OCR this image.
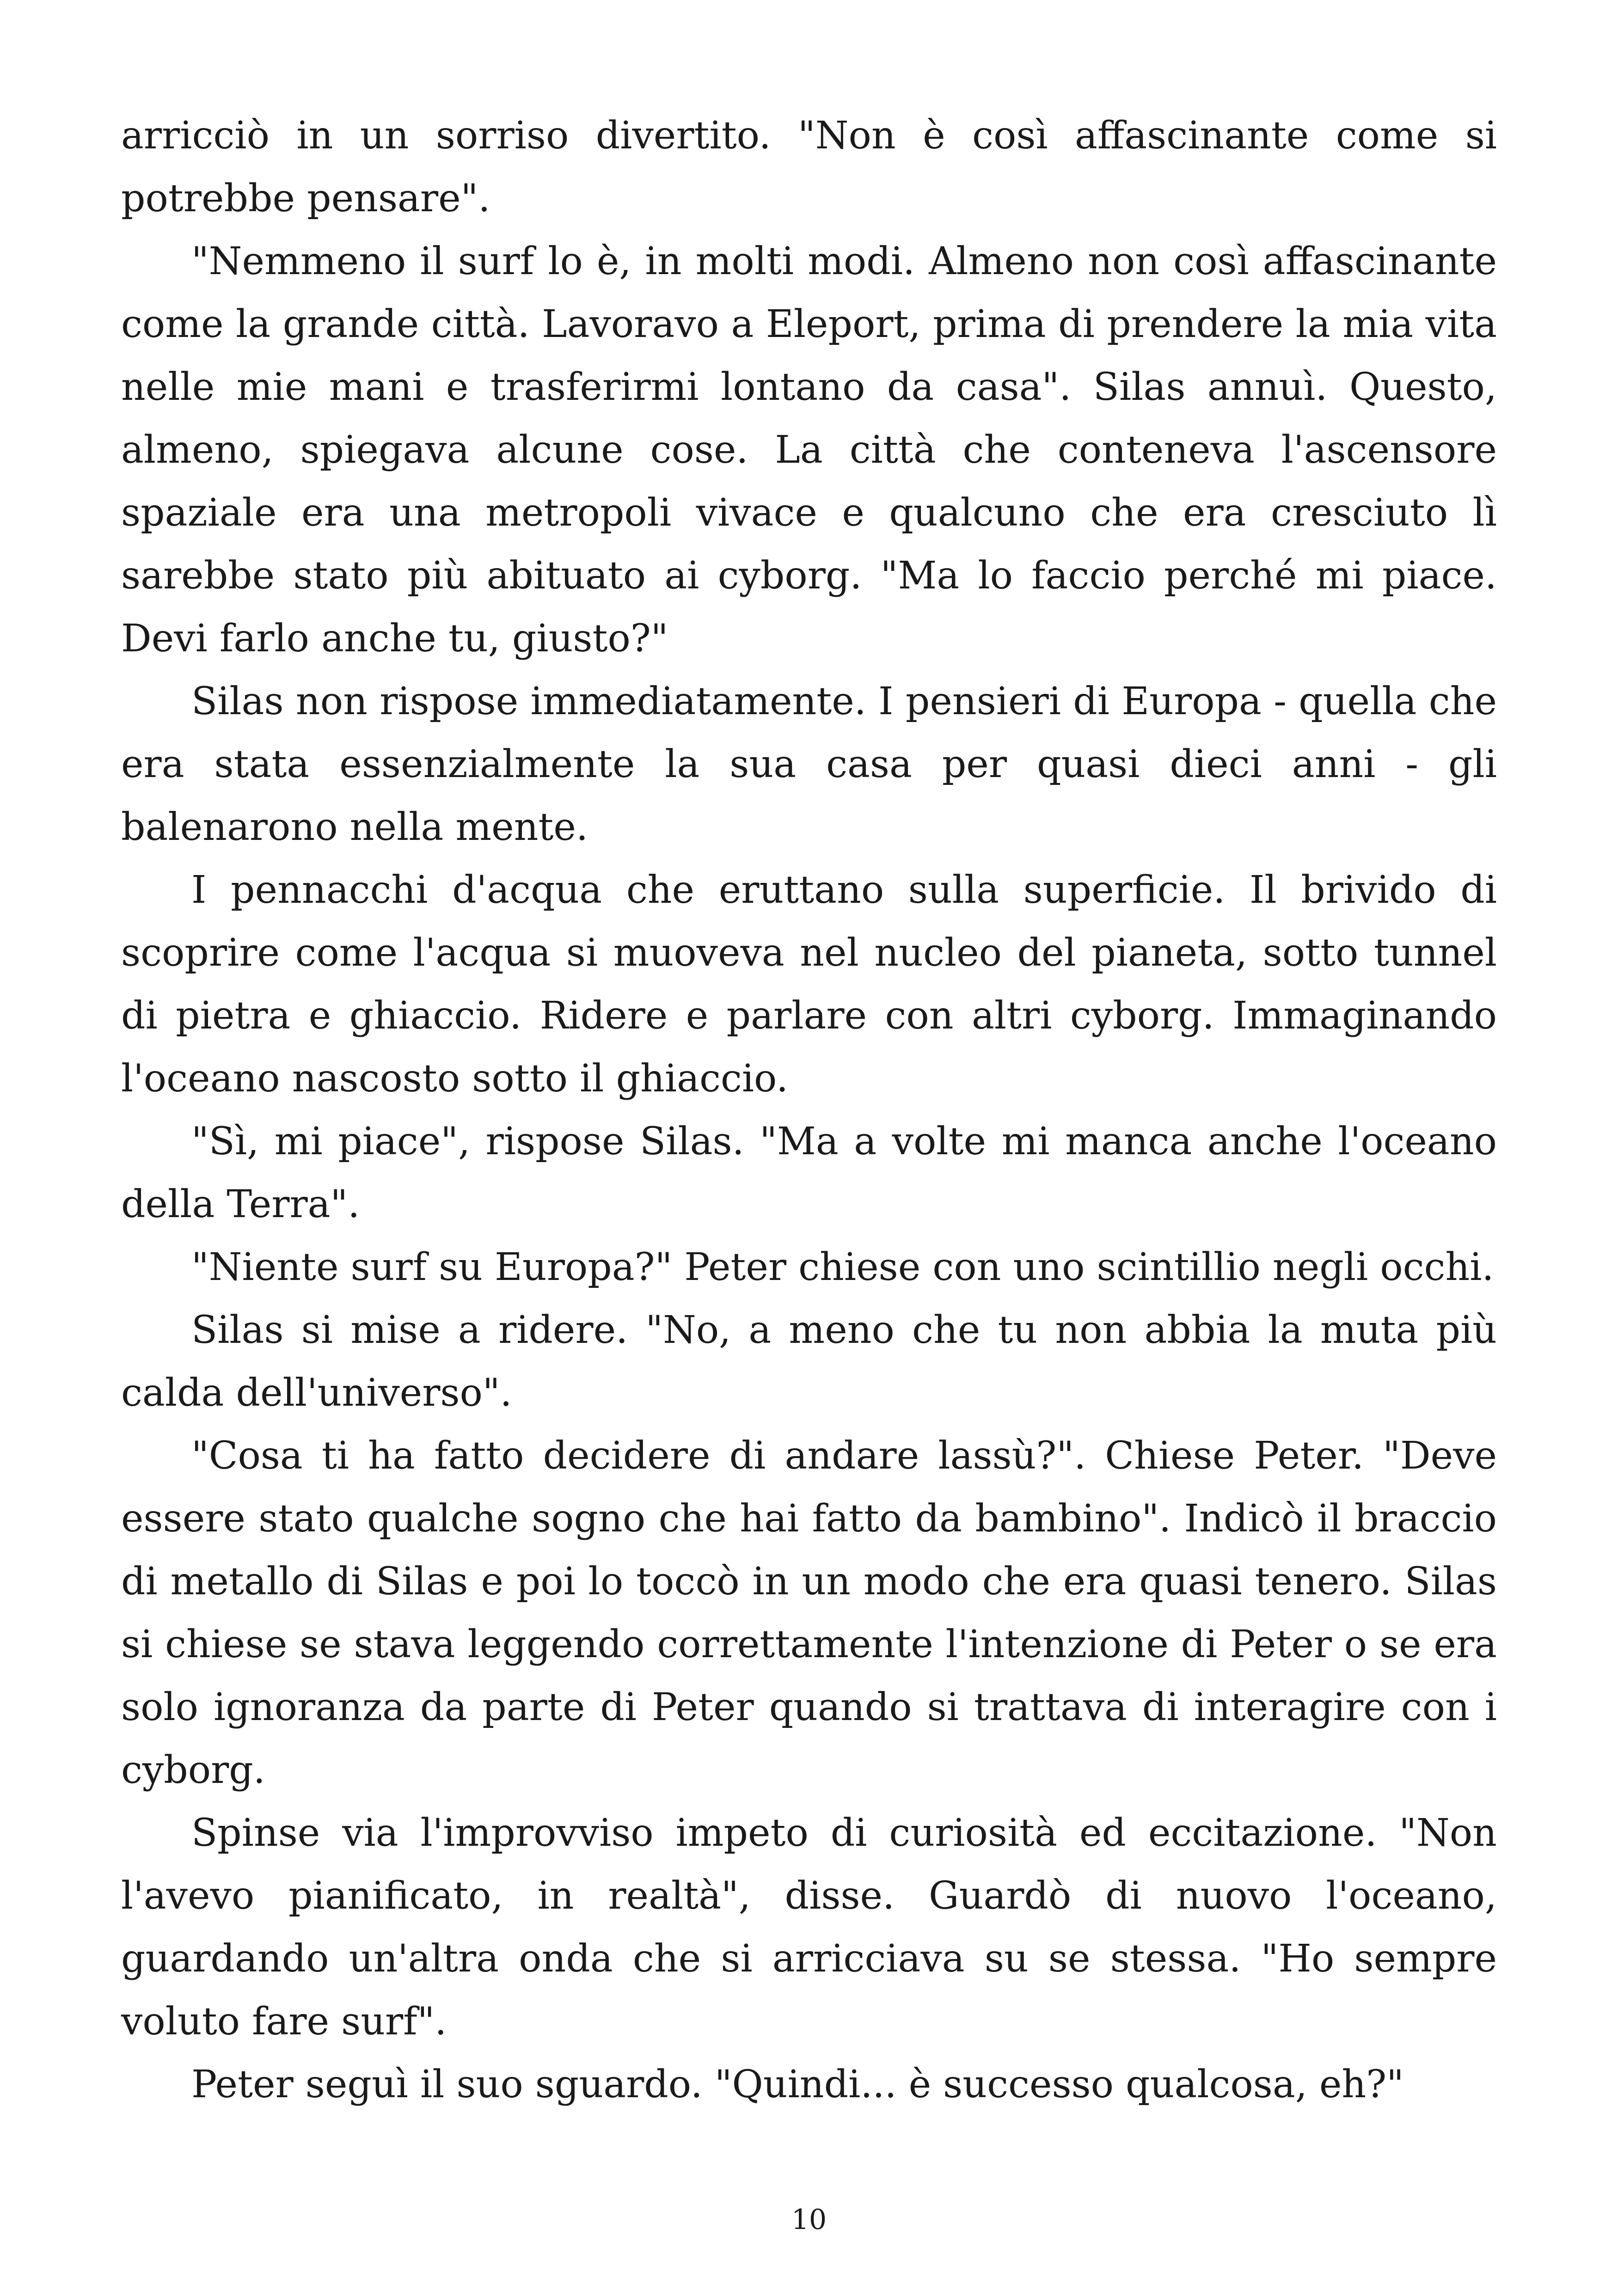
arricciò in un sorriso divertito. "Non è così affascinante come si potrebbe pensare".

"Nemmeno il surf lo è, in molti modi. Almeno non così affascinante come la grande città. Lavoravo a Eleport, prima di prendere la mia vita nelle mie mani e trasferirmi lontano da casa". Silas annuì. Questo, almeno, spiegava alcune cose. La città che conteneva l'ascensore spaziale era una metropoli vivace e qualcuno che era cresciuto lì sarebbe stato più abituato ai cyborg. "Ma lo faccio perché mi piace. Devi farlo anche tu, giusto?"

Silas non rispose immediatamente. I pensieri di Europa - quella che era stata essenzialmente la sua casa per quasi dieci anni - gli balenarono nella mente.

I pennacchi d'acqua che eruttano sulla superficie. Il brivido di scoprire come l'acqua si muoveva nel nucleo del pianeta, sotto tunnel di pietra e ghiaccio. Ridere e parlare con altri cyborg. Immaginando l'oceano nascosto sotto il ghiaccio.

"Sì, mi piace", rispose Silas. "Ma a volte mi manca anche l'oceano della Terra".

"Niente surf su Europa?" Peter chiese con uno scintillio negli occhi.

Silas si mise a ridere. "No, a meno che tu non abbia la muta più calda dell'universo".

"Cosa ti ha fatto decidere di andare lassù?". Chiese Peter. "Deve essere stato qualche sogno che hai fatto da bambino". Indicò il braccio di metallo di Silas e poi lo toccò in un modo che era quasi tenero. Silas si chiese se stava leggendo correttamente l'intenzione di Peter o se era solo ignoranza da parte di Peter quando si trattava di interagire con i cyborg.

Spinse via l'improvviso impeto di curiosità ed eccitazione. "Non l'avevo pianificato, in realtà", disse. Guardò di nuovo l'oceano, guardando un'altra onda che si arricciava su se stessa. "Ho sempre voluto fare surf".

Peter seguì il suo sguardo. "Quindi... è successo qualcosa, eh?"

10
